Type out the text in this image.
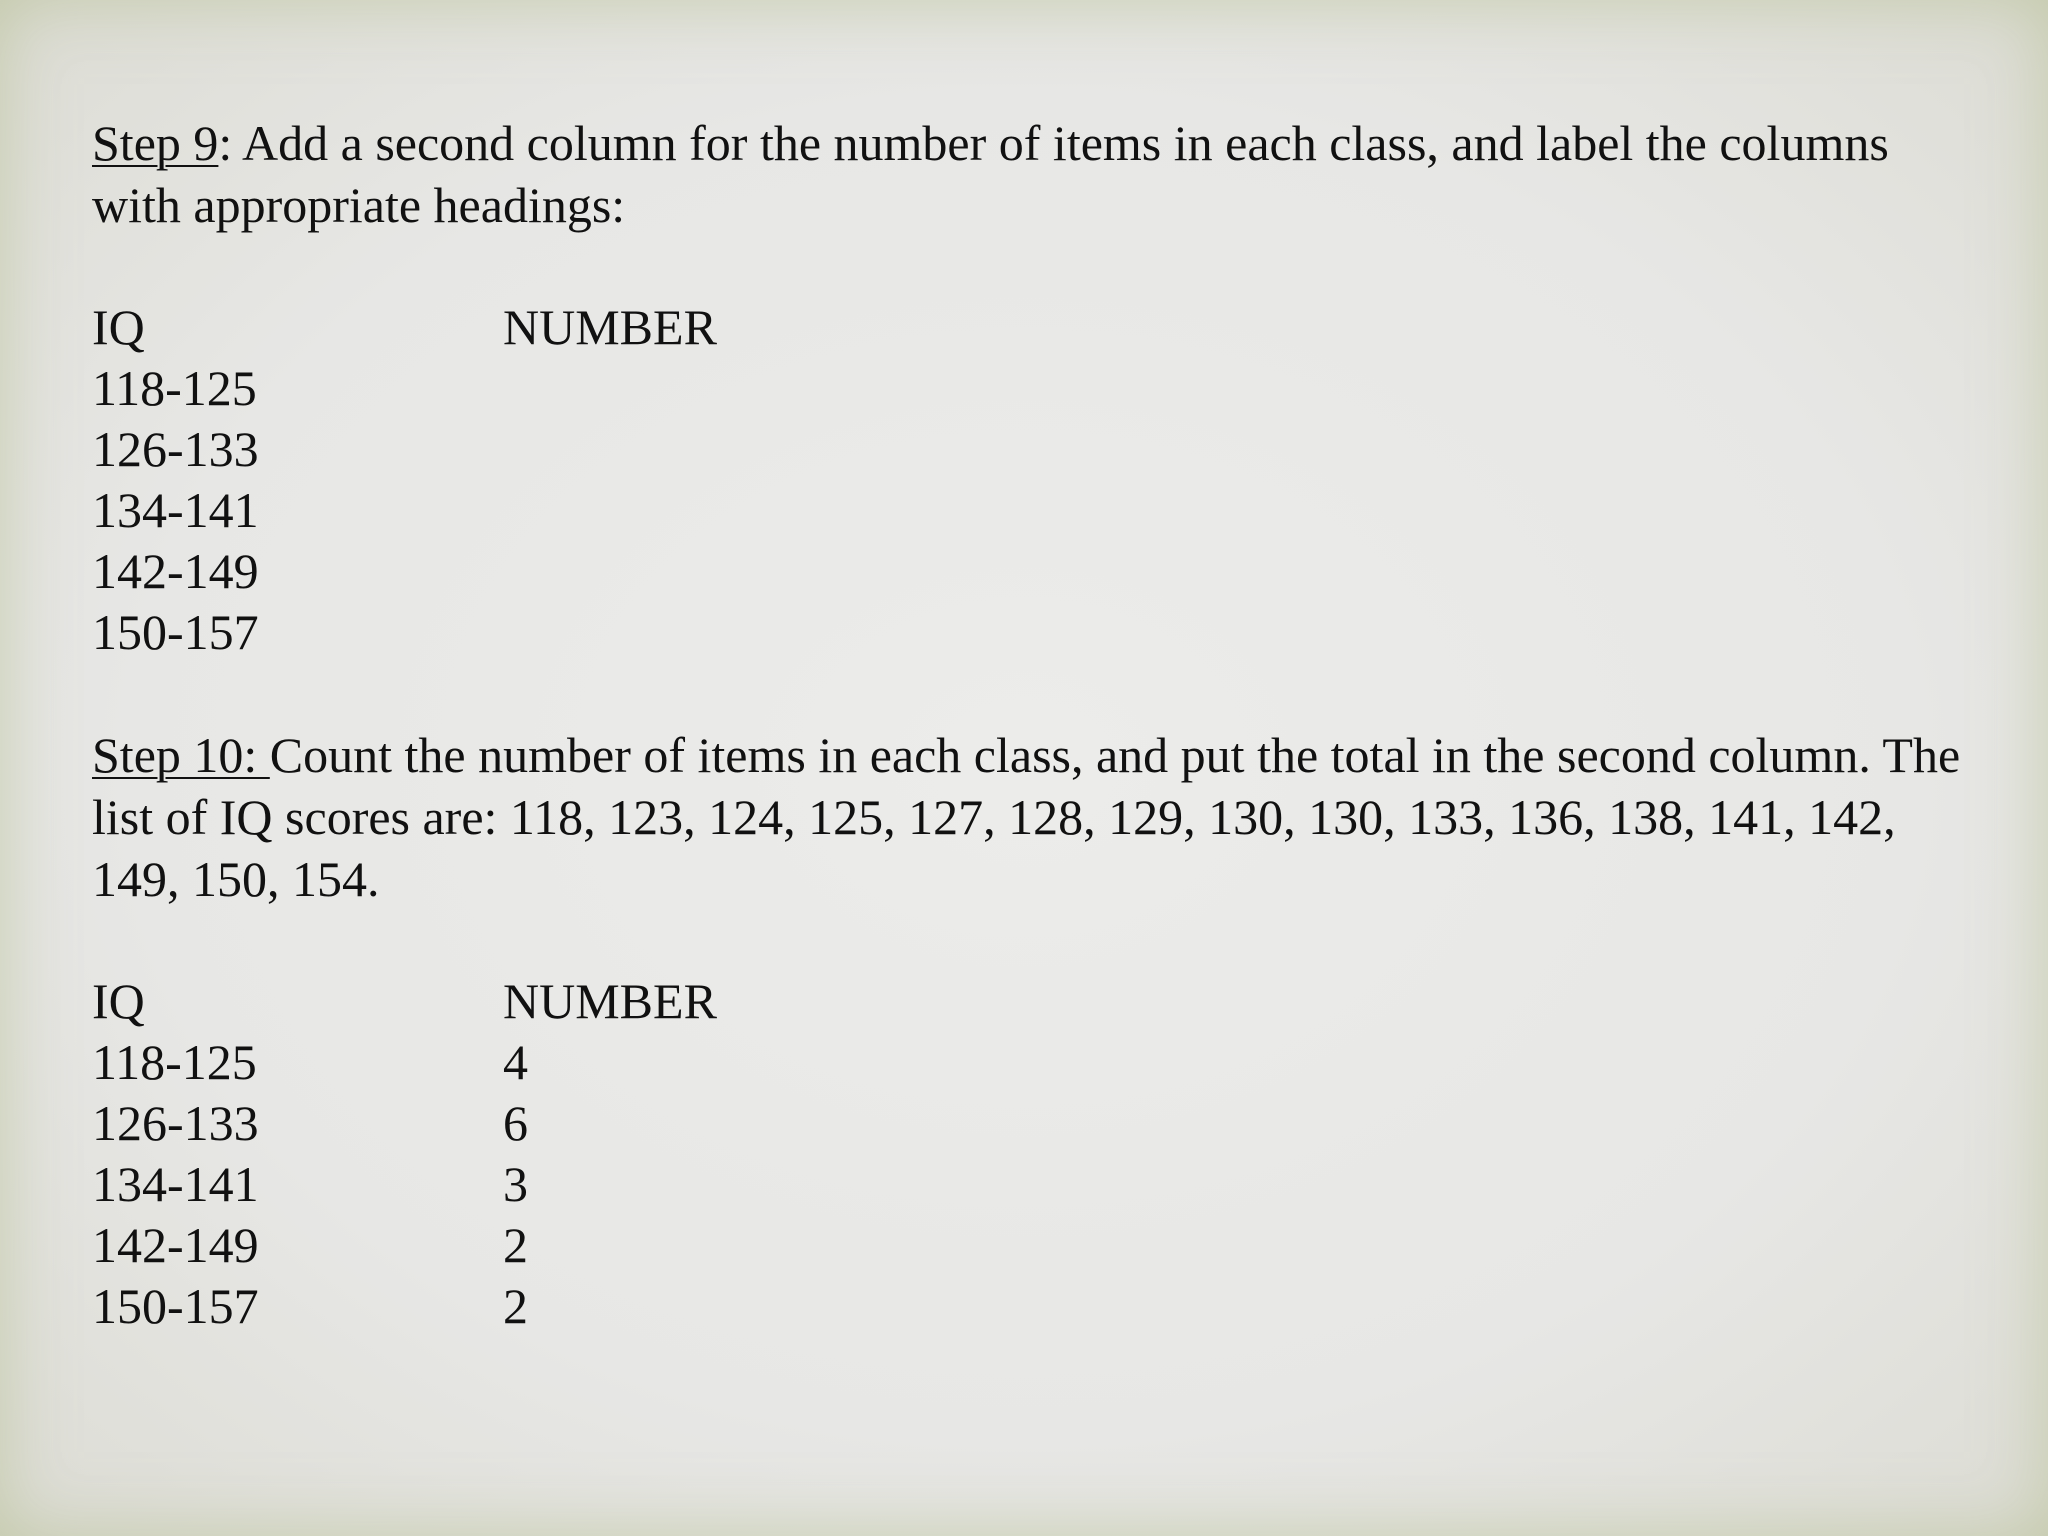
Step 9: Add a second column for the number of items in each class, and label the columns with appropriate headings:

IQ	NUMBER
118-125
126-133
134-141
142-149
150-157

Step 10: Count the number of items in each class, and put the total in the second column. The list of IQ scores are: 118, 123, 124, 125, 127, 128, 129, 130, 130, 133, 136, 138, 141, 142, 149, 150, 154.

IQ	NUMBER
118-125	4
126-133	6
134-141	3
142-149	2
150-157	2
